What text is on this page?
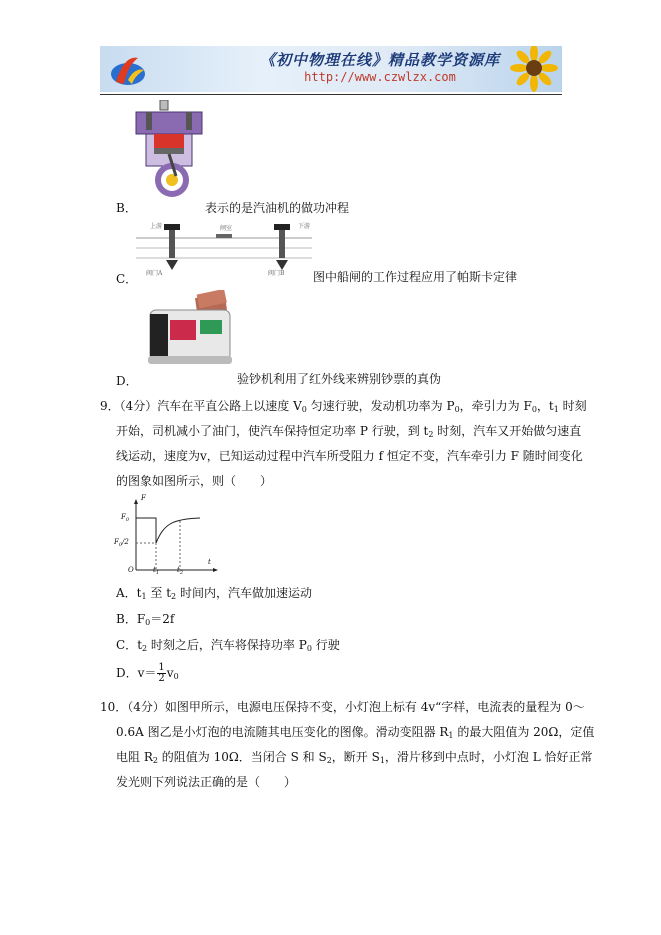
《初中物理在线》精品教学资源库
http://www.czwlzx.com
B．	表示的是汽油机的做功冲程
上游	闸室	下游
阀门A	阀门B
C．	图中船闸的工作过程应用了帕斯卡定律
D．	验钞机利用了红外线来辨别钞票的真伪
9．（4分）汽车在平直公路上以速度 $V_0$ 匀速行驶，发动机功率为 $P_0$，牵引力为 $F_0$，$t_1$ 时刻
开始，司机减小了油门，使汽车保持恒定功率 P 行驶，到 $t_2$ 时刻，汽车又开始做匀速直
线运动，速度为v，已知运动过程中汽车所受阻力 f 恒定不变，汽车牵引力 F 随时间变化
的图象如图所示，则（　　）
F
t
$F_0$
$F_0/2$
O	$t_1$	$t_2$
A．$t_1$ 至 $t_2$ 时间内，汽车做加速运动
B．$F_0=2f$
C．$t_2$ 时刻之后，汽车将保持功率 $P_0$ 行驶
D．$v= \frac{1}{2} v_0$
10．（4分）如图甲所示，电源电压保持不变，小灯泡上标有 4v“字样，电流表的量程为 0～
0.6A 图乙是小灯泡的电流随其电压变化的图像。滑动变阻器 $R_1$ 的最大阻值为 20Ω，定值
电阻 $R_2$ 的阻值为 10Ω．当闭合 S 和 $S_2$，断开 $S_1$，滑片移到中点时，小灯泡 L 恰好正常
发光则下列说法正确的是（　　）
